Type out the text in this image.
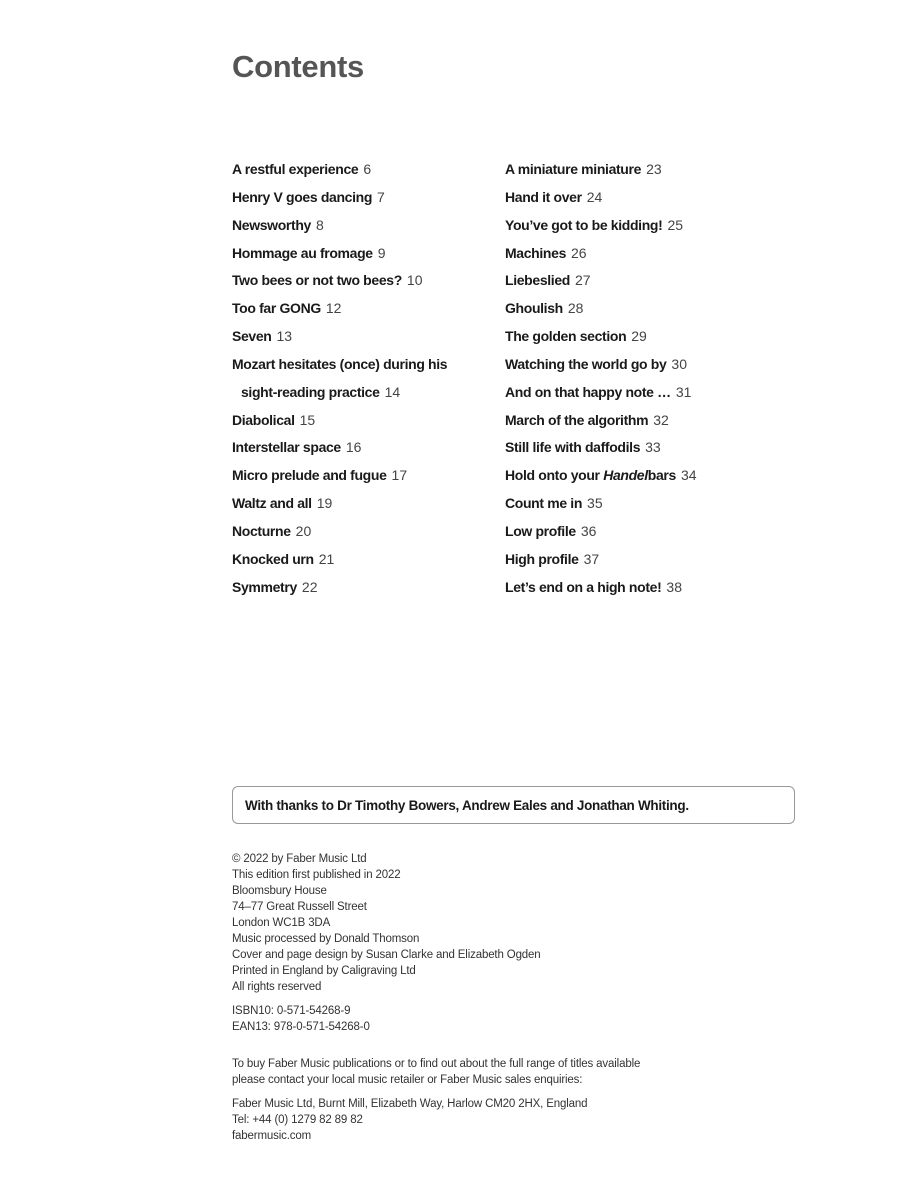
Contents
A restful experience 6
Henry V goes dancing 7
Newsworthy 8
Hommage au fromage 9
Two bees or not two bees? 10
Too far GONG 12
Seven 13
Mozart hesitates (once) during his
sight-reading practice 14
Diabolical 15
Interstellar space 16
Micro prelude and fugue 17
Waltz and all 19
Nocturne 20
Knocked urn 21
Symmetry 22
A miniature miniature 23
Hand it over 24
You’ve got to be kidding! 25
Machines 26
Liebeslied 27
Ghoulish 28
The golden section 29
Watching the world go by 30
And on that happy note … 31
March of the algorithm 32
Still life with daffodils 33
Hold onto your Handelbars 34
Count me in 35
Low profile 36
High profile 37
Let’s end on a high note! 38
With thanks to Dr Timothy Bowers, Andrew Eales and Jonathan Whiting.
© 2022 by Faber Music Ltd
This edition first published in 2022
Bloomsbury House
74–77 Great Russell Street
London WC1B 3DA
Music processed by Donald Thomson
Cover and page design by Susan Clarke and Elizabeth Ogden
Printed in England by Caligraving Ltd
All rights reserved
ISBN10: 0-571-54268-9
EAN13: 978-0-571-54268-0
To buy Faber Music publications or to find out about the full range of titles available
please contact your local music retailer or Faber Music sales enquiries:
Faber Music Ltd, Burnt Mill, Elizabeth Way, Harlow CM20 2HX, England
Tel: +44 (0) 1279 82 89 82
fabermusic.com
